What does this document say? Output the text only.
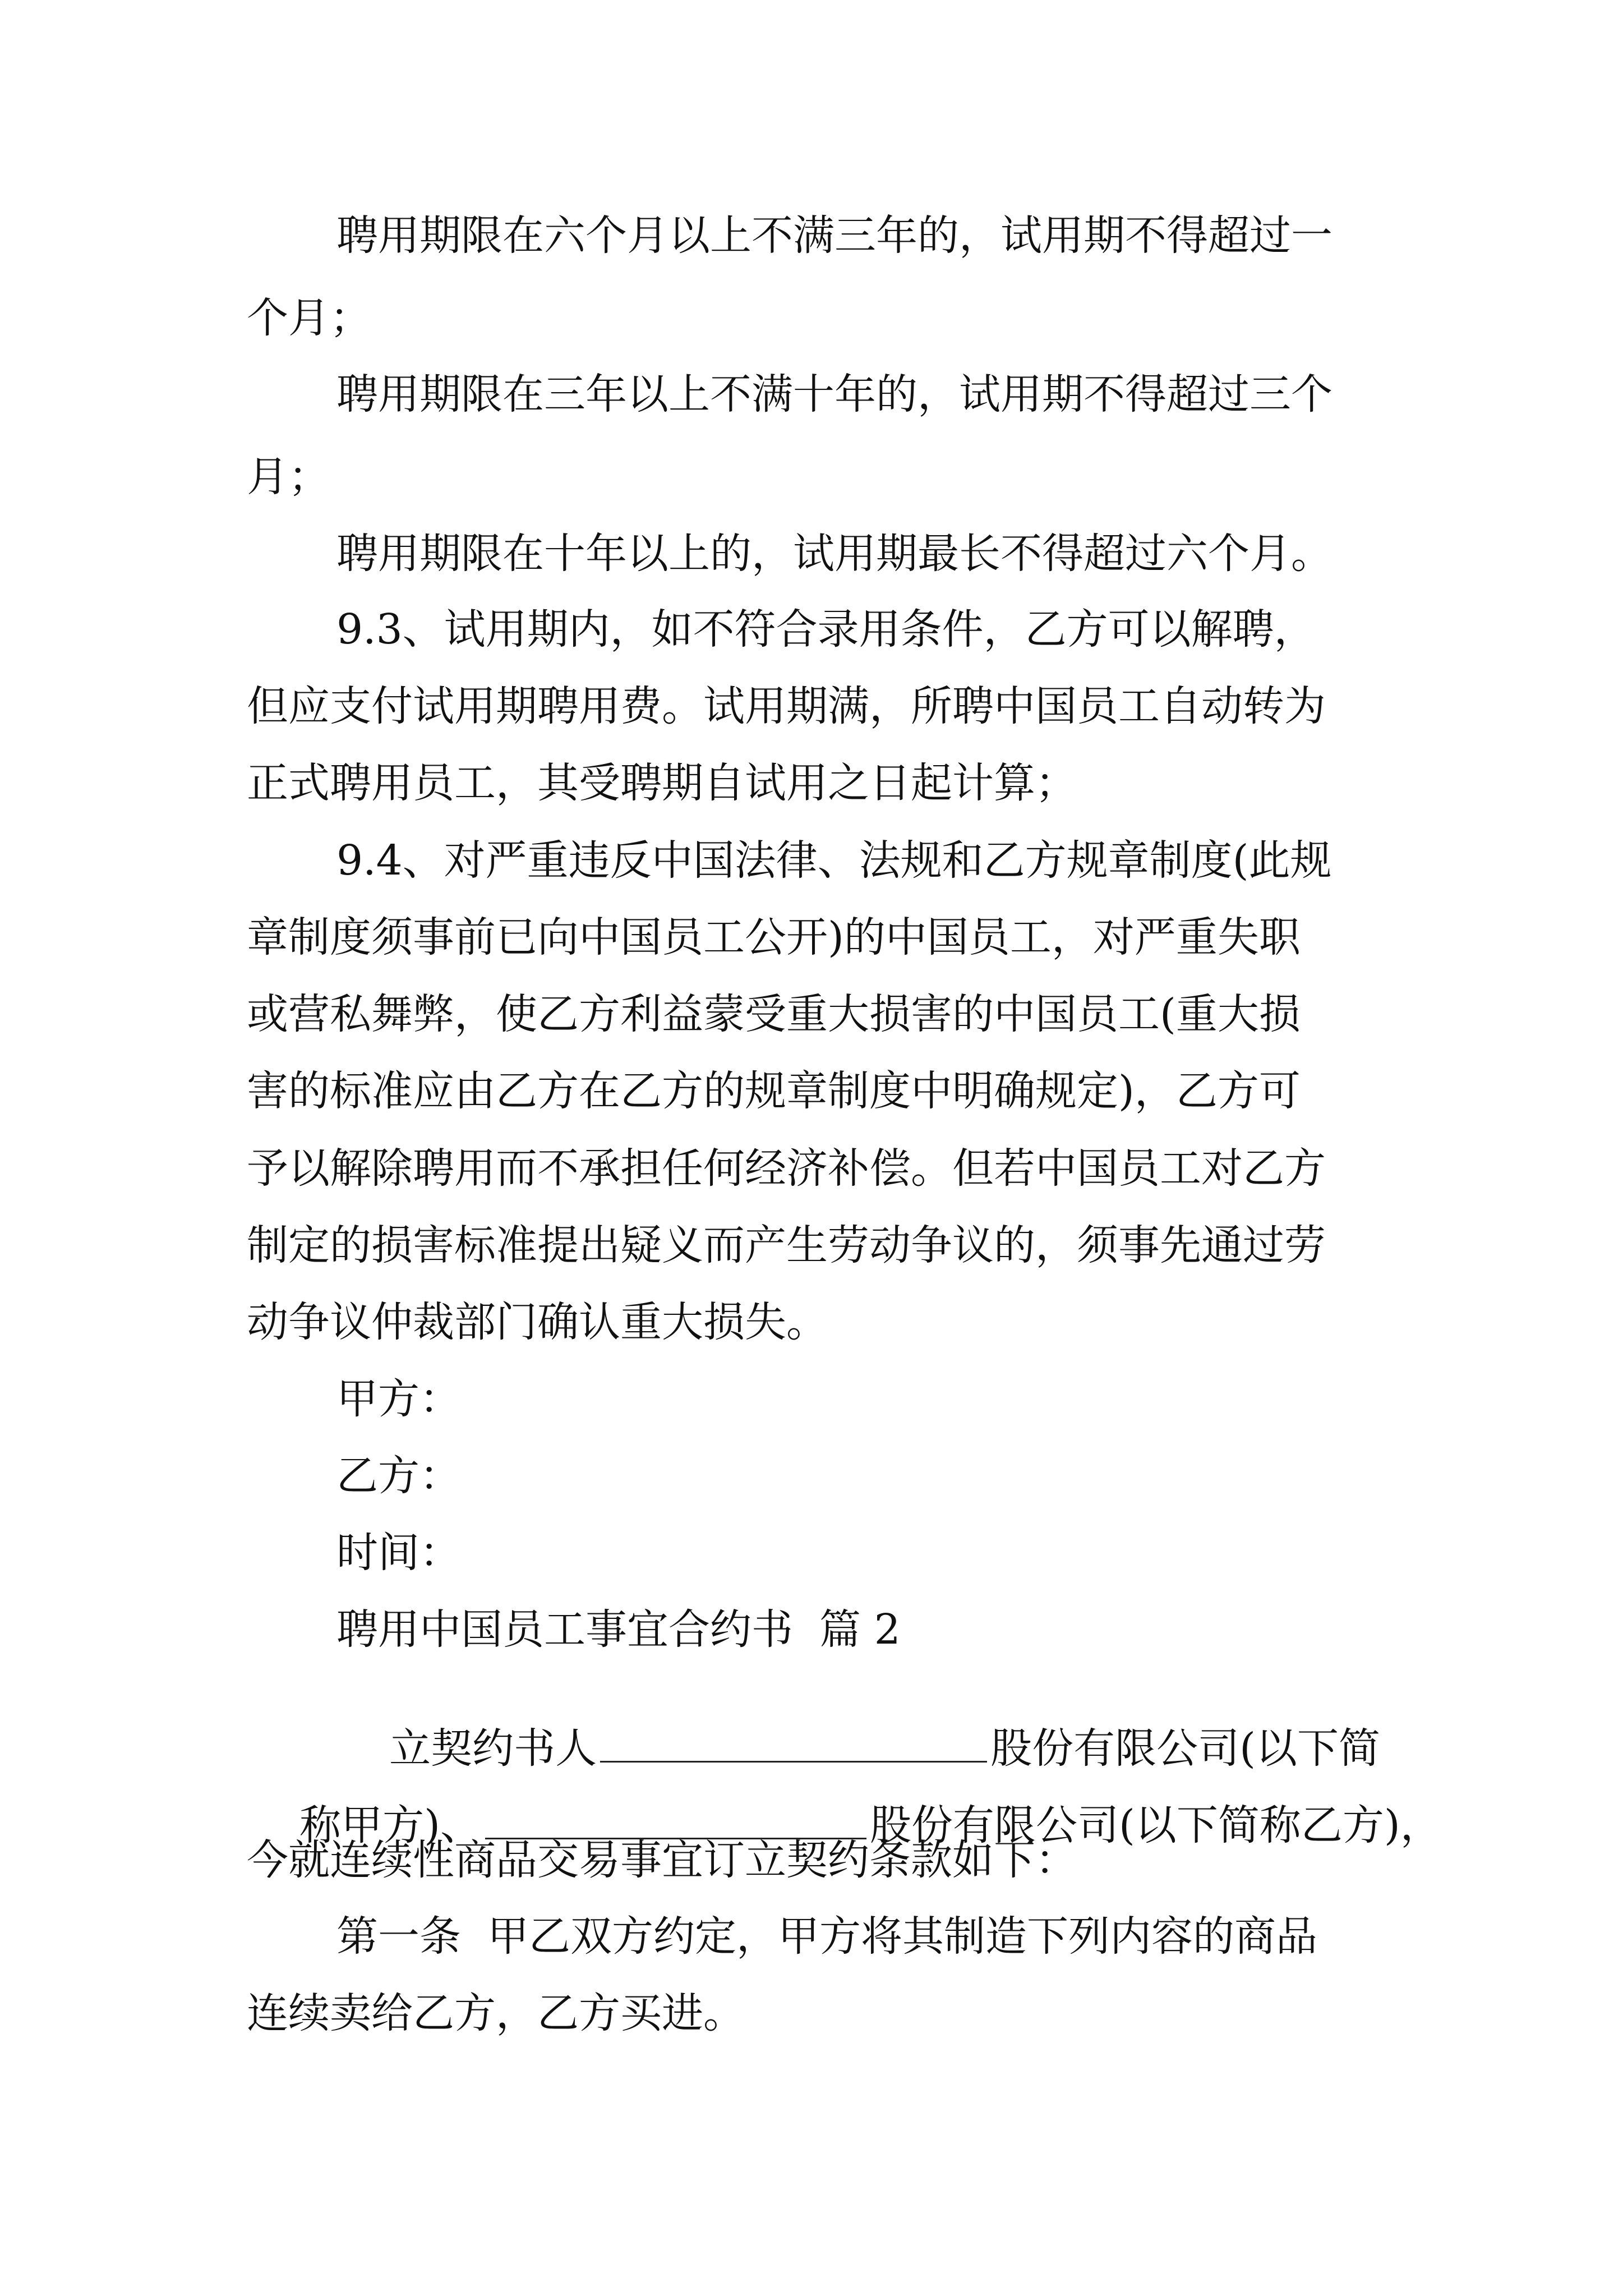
聘用期限在六个月以上不满三年的，试用期不得超过一
个月；
聘用期限在三年以上不满十年的，试用期不得超过三个
月；
聘用期限在十年以上的，试用期最长不得超过六个月。
9.3、试用期内，如不符合录用条件，乙方可以解聘，
但应支付试用期聘用费。试用期满，所聘中国员工自动转为
正式聘用员工，其受聘期自试用之日起计算；
9.4、对严重违反中国法律、法规和乙方规章制度(此规
章制度须事前已向中国员工公开)的中国员工，对严重失职
或营私舞弊，使乙方利益蒙受重大损害的中国员工(重大损
害的标准应由乙方在乙方的规章制度中明确规定)，乙方可
予以解除聘用而不承担任何经济补偿。但若中国员工对乙方
制定的损害标准提出疑义而产生劳动争议的，须事先通过劳
动争议仲裁部门确认重大损失。
甲方：
乙方：
时间：
聘用中国员工事宜合约书  篇 2

立契约书人	股份有限公司(以下简

称甲方)、	股份有限公司(以下简称乙方)，

今就连续性商品交易事宜订立契约条款如下：
第一条  甲乙双方约定，甲方将其制造下列内容的商品
连续卖给乙方，乙方买进。
